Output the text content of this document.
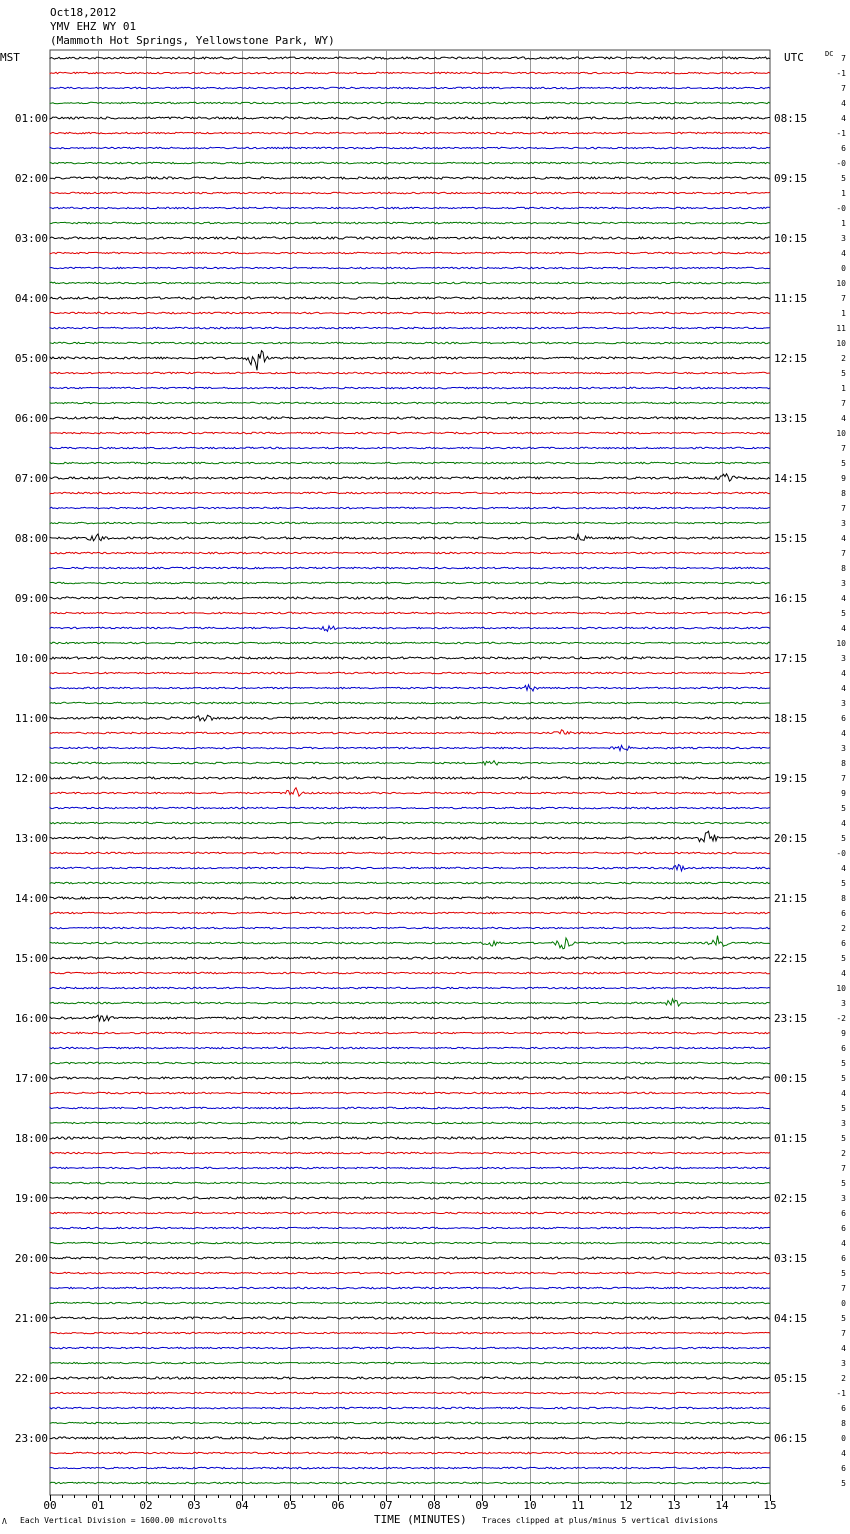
Oct18,2012
YMV EHZ WY 01
(Mammoth Hot Springs, Yellowstone Park, WY)
01:00	08:15
02:00	09:15
03:00	10:15
04:00	11:15
05:00	12:15
06:00	13:15
07:00	14:15
08:00	15:15
09:00	16:15
10:00	17:15
11:00	18:15
12:00	19:15
13:00	20:15
14:00	21:15
15:00	22:15
16:00	23:15
17:00	00:15
18:00	01:15
19:00	02:15
20:00	03:15
21:00	04:15
22:00	05:15
23:00	06:15
7
-1
7
4
4
-1
6
-0
5
1
-0
1
3
4
0
10
7
1
11
10
2
5
1
7
4
10
7
5
9
8
7
3
4
7
8
3
4
5
4
10
3
4
4
3
6
4
3
8
7
9
5
4
5
-0
4
5
8
6
2
6
5
4
10
3
-2
9
6
5
5
4
5
3
5
2
7
5
3
6
6
4
6
5
7
0
5
7
4
3
2
-1
6
8
0
4
6
5
MST	UTC	DC
00	01	02	03	04	05	06	07	08	09	10	11	12	13	14	15
Λ Each Vertical Division = 1600.00 microvolts	TIME (MINUTES) Traces clipped at plus/minus 5 vertical divisions
